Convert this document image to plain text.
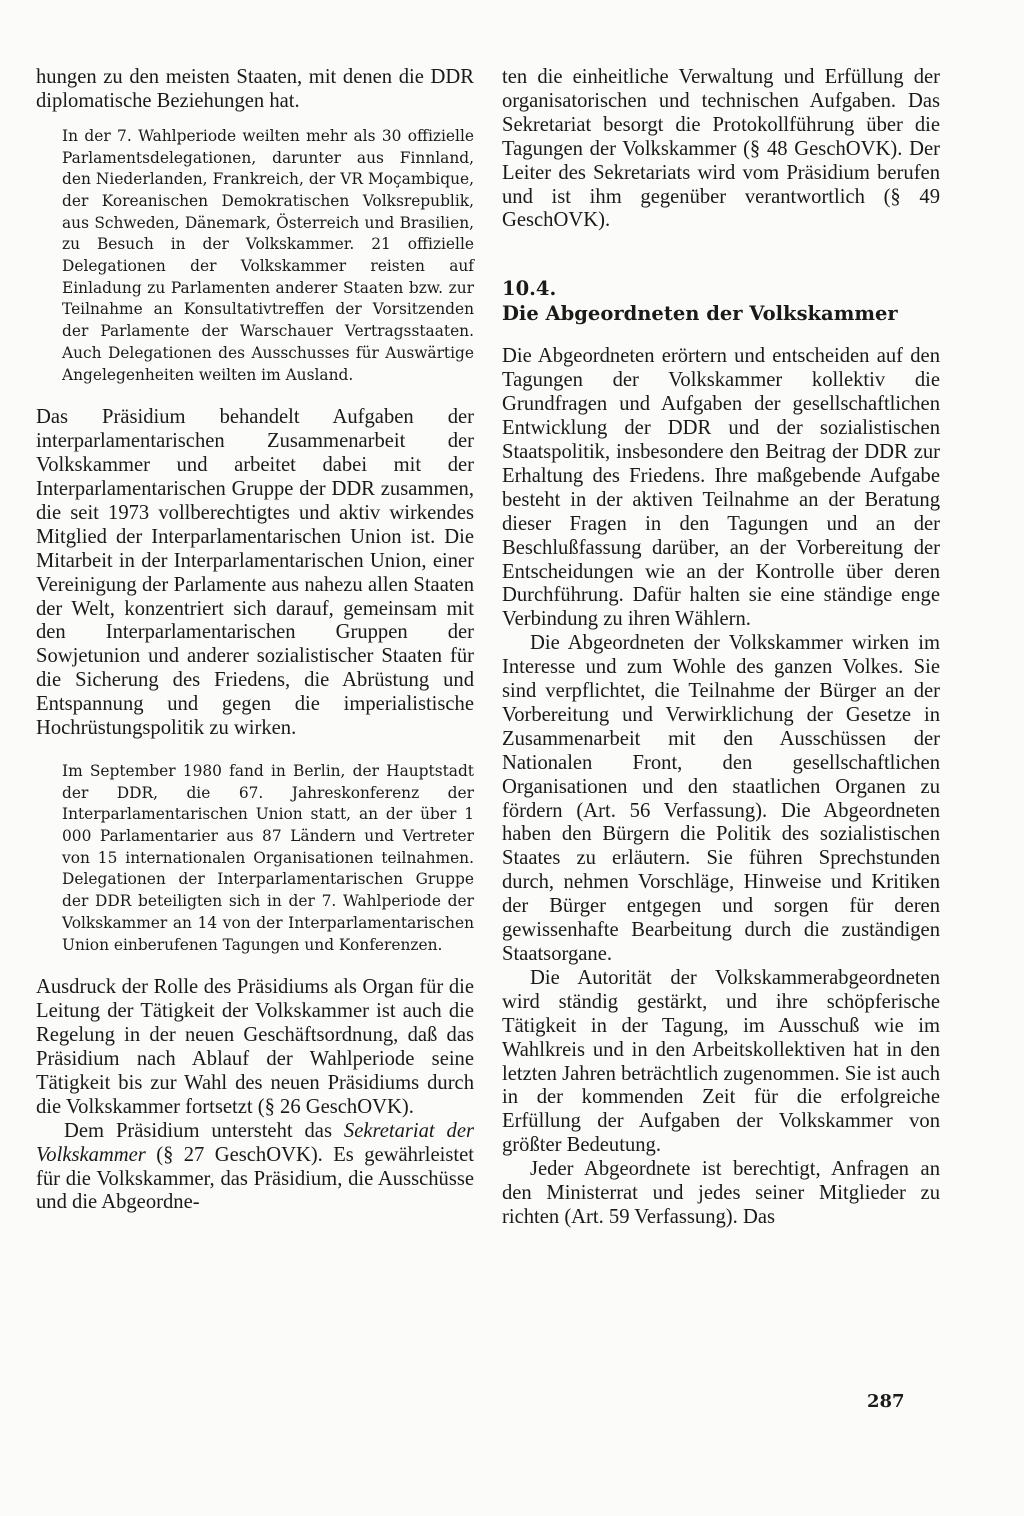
hungen zu den meisten Staaten, mit denen die DDR diplomatische Beziehungen hat.

In der 7. Wahlperiode weilten mehr als 30 offizielle Parlamentsdelegationen, darunter aus Finnland, den Niederlanden, Frankreich, der VR Moçambique, der Koreanischen Demokratischen Volksrepublik, aus Schweden, Dänemark, Österreich und Brasilien, zu Besuch in der Volkskammer. 21 offizielle Delegationen der Volkskammer reisten auf Einladung zu Parlamenten anderer Staaten bzw. zur Teilnahme an Konsultativtreffen der Vorsitzenden der Parlamente der Warschauer Vertragsstaaten. Auch Delegationen des Ausschusses für Auswärtige Angelegenheiten weilten im Ausland.

Das Präsidium behandelt Aufgaben der interparlamentarischen Zusammenarbeit der Volkskammer und arbeitet dabei mit der Interparlamentarischen Gruppe der DDR zusammen, die seit 1973 vollberechtigtes und aktiv wirkendes Mitglied der Interparlamentarischen Union ist. Die Mitarbeit in der Interparlamentarischen Union, einer Vereinigung der Parlamente aus nahezu allen Staaten der Welt, konzentriert sich darauf, gemeinsam mit den Interparlamentarischen Gruppen der Sowjetunion und anderer sozialistischer Staaten für die Sicherung des Friedens, die Abrüstung und Entspannung und gegen die imperialistische Hochrüstungspolitik zu wirken.

Im September 1980 fand in Berlin, der Hauptstadt der DDR, die 67. Jahreskonferenz der Interparlamentarischen Union statt, an der über 1 000 Parlamentarier aus 87 Ländern und Vertreter von 15 internationalen Organisationen teilnahmen. Delegationen der Interparlamentarischen Gruppe der DDR beteiligten sich in der 7. Wahlperiode der Volkskammer an 14 von der Interparlamentarischen Union einberufenen Tagungen und Konferenzen.

Ausdruck der Rolle des Präsidiums als Organ für die Leitung der Tätigkeit der Volkskammer ist auch die Regelung in der neuen Geschäftsordnung, daß das Präsidium nach Ablauf der Wahlperiode seine Tätigkeit bis zur Wahl des neuen Präsidiums durch die Volkskammer fortsetzt (§ 26 GeschOVK).

Dem Präsidium untersteht das Sekretariat der Volkskammer (§ 27 GeschOVK). Es gewährleistet für die Volkskammer, das Präsidium, die Ausschüsse und die Abgeordne-

ten die einheitliche Verwaltung und Erfüllung der organisatorischen und technischen Aufgaben. Das Sekretariat besorgt die Protokollführung über die Tagungen der Volkskammer (§ 48 GeschOVK). Der Leiter des Sekretariats wird vom Präsidium berufen und ist ihm gegenüber verantwortlich (§ 49 GeschOVK).

10.4.
Die Abgeordneten der Volkskammer

Die Abgeordneten erörtern und entscheiden auf den Tagungen der Volkskammer kollektiv die Grundfragen und Aufgaben der gesellschaftlichen Entwicklung der DDR und der sozialistischen Staatspolitik, insbesondere den Beitrag der DDR zur Erhaltung des Friedens. Ihre maßgebende Aufgabe besteht in der aktiven Teilnahme an der Beratung dieser Fragen in den Tagungen und an der Beschlußfassung darüber, an der Vorbereitung der Entscheidungen wie an der Kontrolle über deren Durchführung. Dafür halten sie eine ständige enge Verbindung zu ihren Wählern.

Die Abgeordneten der Volkskammer wirken im Interesse und zum Wohle des ganzen Volkes. Sie sind verpflichtet, die Teilnahme der Bürger an der Vorbereitung und Verwirklichung der Gesetze in Zusammenarbeit mit den Ausschüssen der Nationalen Front, den gesellschaftlichen Organisationen und den staatlichen Organen zu fördern (Art. 56 Verfassung). Die Abgeordneten haben den Bürgern die Politik des sozialistischen Staates zu erläutern. Sie führen Sprechstunden durch, nehmen Vorschläge, Hinweise und Kritiken der Bürger entgegen und sorgen für deren gewissenhafte Bearbeitung durch die zuständigen Staatsorgane.

Die Autorität der Volkskammerabgeordneten wird ständig gestärkt, und ihre schöpferische Tätigkeit in der Tagung, im Ausschuß wie im Wahlkreis und in den Arbeitskollektiven hat in den letzten Jahren beträchtlich zugenommen. Sie ist auch in der kommenden Zeit für die erfolgreiche Erfüllung der Aufgaben der Volkskammer von größter Bedeutung.

Jeder Abgeordnete ist berechtigt, Anfragen an den Ministerrat und jedes seiner Mitglieder zu richten (Art. 59 Verfassung). Das

287
